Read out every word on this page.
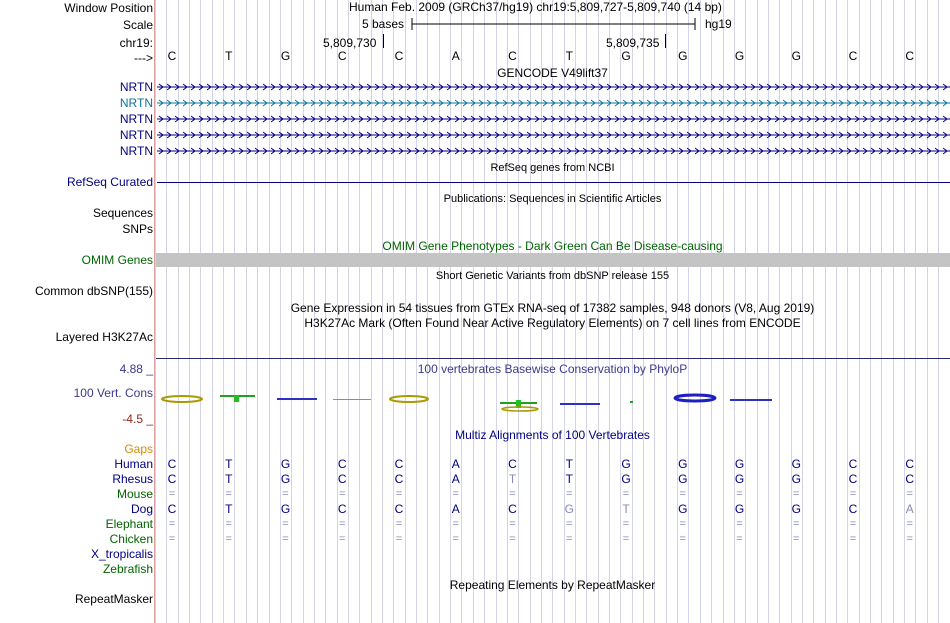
Window Position	Human Feb. 2009 (GRCh37/hg19) chr19:5,809,727-5,809,740 (14 bp)
Scale	5 bases	hg19
chr19:	5,809,730	5,809,735
--->	C	T	G	C	C	A	C	T	G	G	G	G	C	C
GENCODE V49lift37
NRTN
NRTN
NRTN
NRTN
NRTN
RefSeq genes from NCBI
RefSeq Curated
Publications: Sequences in Scientific Articles
Sequences
SNPs
OMIM Gene Phenotypes - Dark Green Can Be Disease-causing
OMIM Genes
Short Genetic Variants from dbSNP release 155
Common dbSNP(155)
Gene Expression in 54 tissues from GTEx RNA-seq of 17382 samples, 948 donors (V8, Aug 2019)
H3K27Ac Mark (Often Found Near Active Regulatory Elements) on 7 cell lines from ENCODE
Layered H3K27Ac
100 vertebrates Basewise Conservation by PhyloP
4.88 _
100 Vert. Cons
-4.5 _
Multiz Alignments of 100 Vertebrates
Gaps
Human	C	T	G	C	C	A	C	T	G	G	G	G	C	C
Rhesus	C	T	G	C	C	A	T	T	G	G	G	G	C	C
Mouse	=	=	=	=	=	=	=	=	=	=	=	=	=	=
Dog	C	T	G	C	C	A	C	G	T	G	G	G	C	A
Elephant	=	=	=	=	=	=	=	=	=	=	=	=	=	=
Chicken	=	=	=	=	=	=	=	=	=	=	=	=	=	=
X_tropicalis
Zebrafish
Repeating Elements by RepeatMasker
RepeatMasker
